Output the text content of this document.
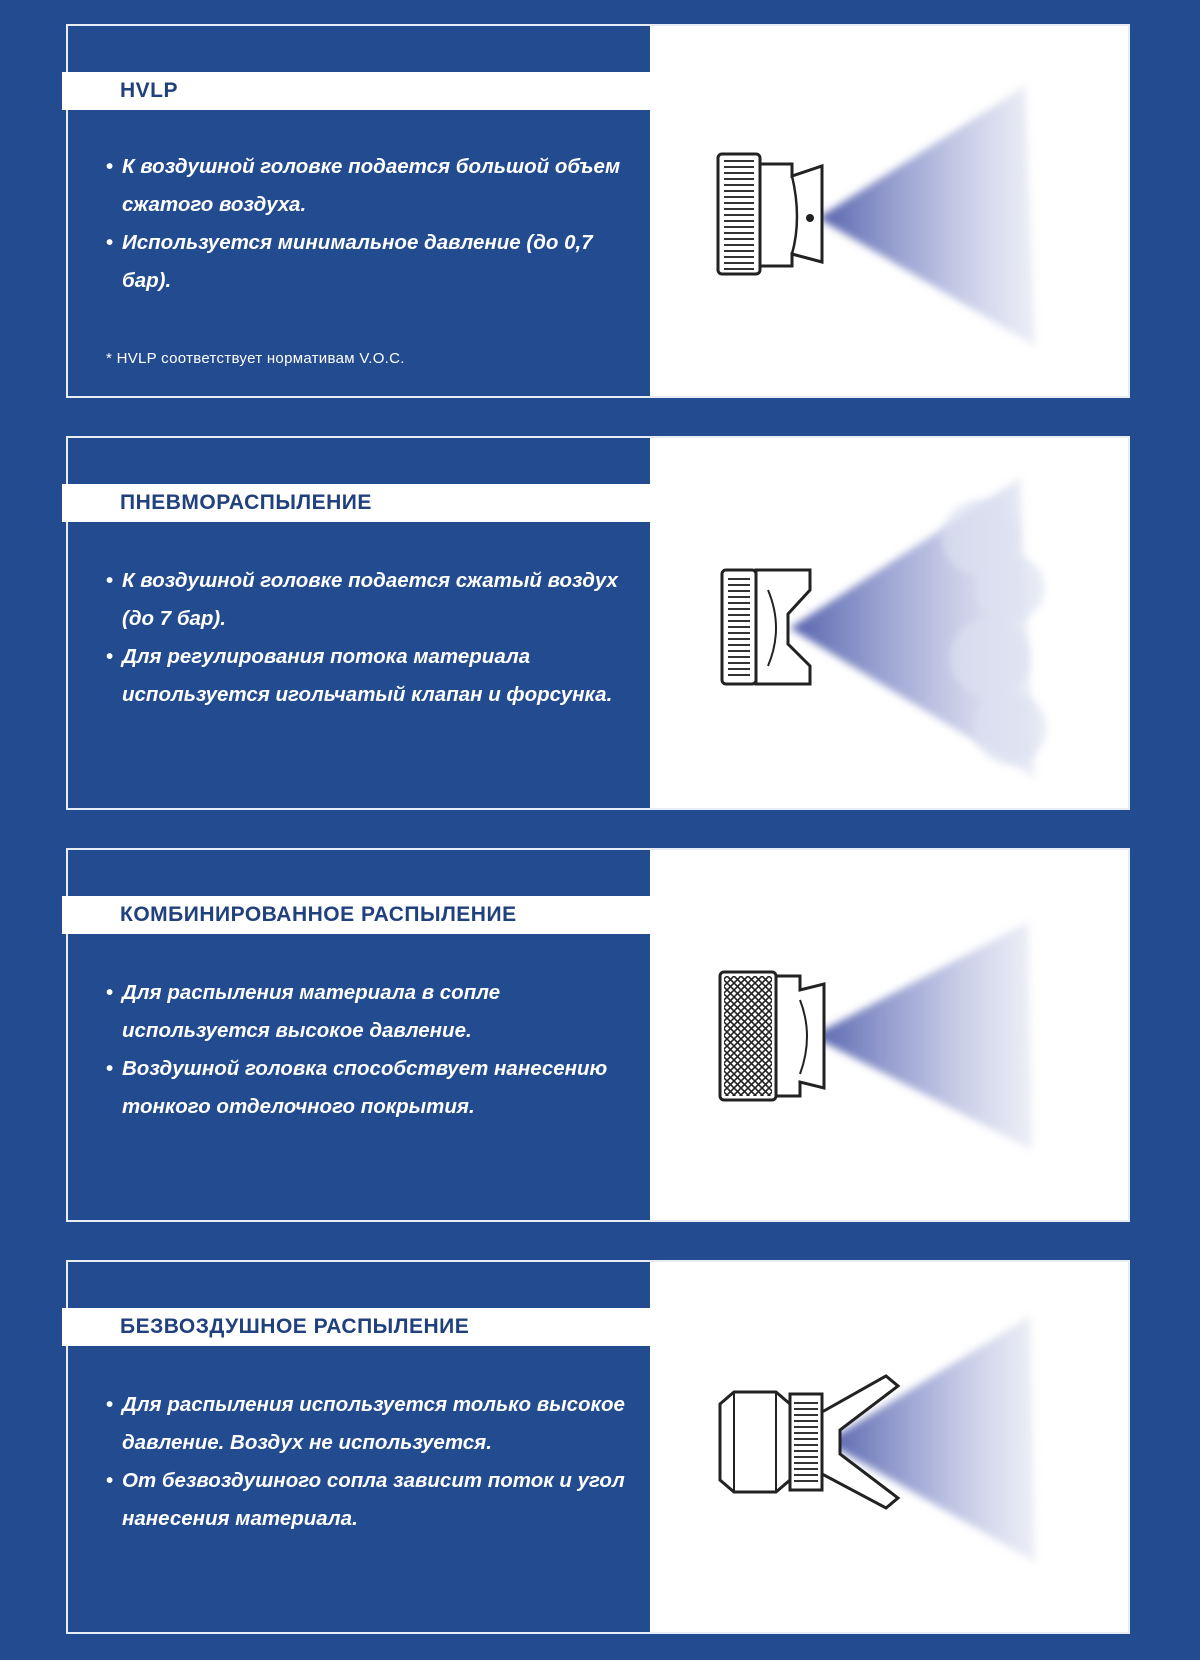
HVLP
• К воздушной головке подается большой объем сжатого воздуха.
• Используется минимальное давление (до 0,7 бар).
* HVLP соответствует нормативам V.O.C.
ПНЕВМОРАСПЫЛЕНИЕ
• К воздушной головке подается сжатый воздух (до 7 бар).
• Для регулирования потока материала используется игольчатый клапан и форсунка.
КОМБИНИРОВАННОЕ РАСПЫЛЕНИЕ
• Для распыления материала в сопле используется высокое давление.
• Воздушной головка способствует нанесению тонкого отделочного покрытия.
БЕЗВОЗДУШНОЕ РАСПЫЛЕНИЕ
• Для распыления используется только высокое давление. Воздух не используется.
• От безвоздушного сопла зависит поток и угол нанесения материала.
